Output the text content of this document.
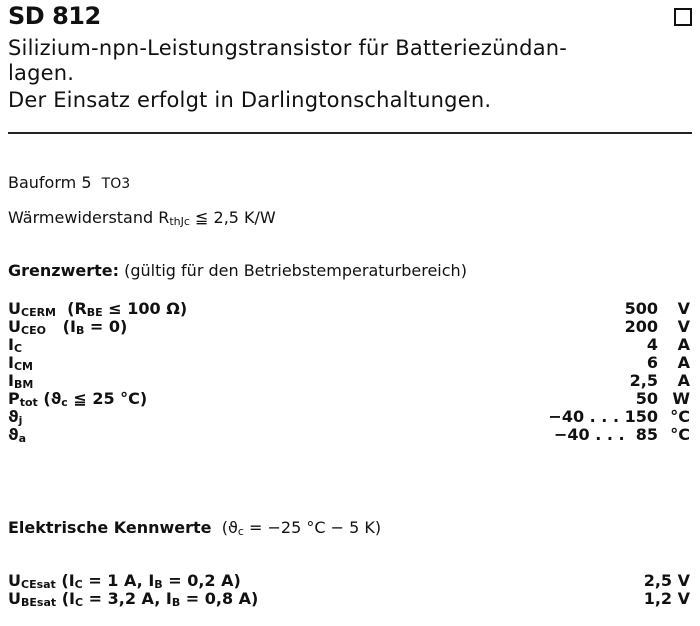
SD 812
Silizium-npn-Leistungstransistor für Batteriezündan-
lagen.
Der Einsatz erfolgt in Darlingtonschaltungen.
Bauform 5 TO3
Wärmewiderstand RthJc ≦ 2,5 K/W
Grenzwerte: (gültig für den Betriebstemperaturbereich)
UCERM  (RBE ≤ 100 Ω)	500	V
UCEO   (IB = 0)	200	V
IC	4	A
ICM	6	A
IBM	2,5	A
Ptot (ϑc ≦ 25 °C)	50 W
ϑj	−40 . . . 150 °C
ϑa	−40 . . .  85 °C
Elektrische Kennwerte (ϑc = −25 °C − 5 K)
UCEsat (IC = 1 A, IB = 0,2 A)	2,5 V
UBEsat (IC = 3,2 A, IB = 0,8 A)	1,2 V
